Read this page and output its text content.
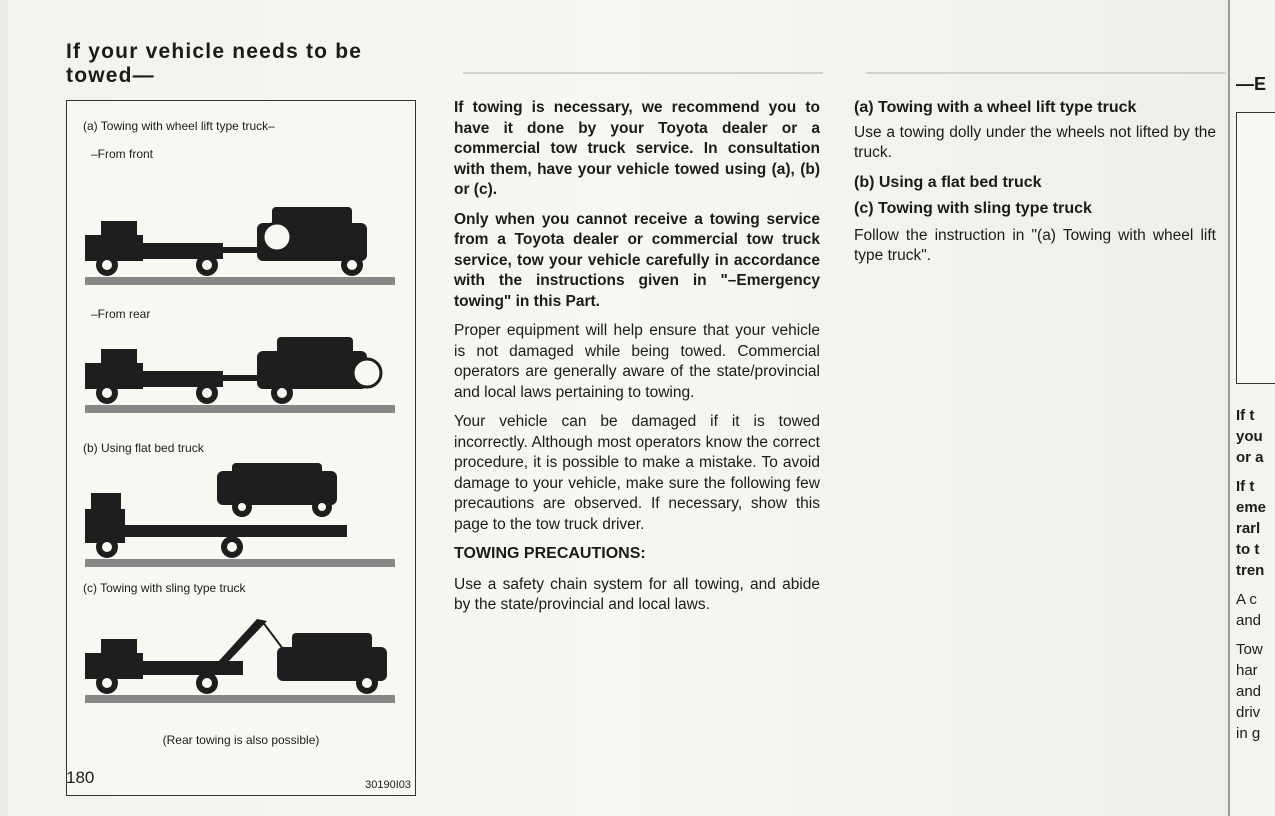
If your vehicle needs to be towed—
(a) Towing with wheel lift type truck–
–From front
–From rear
(b) Using flat bed truck
(c) Towing with sling type truck
(Rear towing is also possible)
30190I03
180

If towing is necessary, we recommend you to have it done by your Toyota dealer or a commercial tow truck service. In consultation with them, have your vehicle towed using (a), (b) or (c).

Only when you cannot receive a towing service from a Toyota dealer or commercial tow truck service, tow your vehicle carefully in accordance with the instructions given in "–Emergency towing" in this Part.

Proper equipment will help ensure that your vehicle is not damaged while being towed. Commercial operators are generally aware of the state/provincial and local laws pertaining to towing.

Your vehicle can be damaged if it is towed incorrectly. Although most operators know the correct procedure, it is possible to make a mistake. To avoid damage to your vehicle, make sure the following few precautions are observed. If necessary, show this page to the tow truck driver.

TOWING PRECAUTIONS:

Use a safety chain system for all towing, and abide by the state/provincial and local laws.

(a) Towing with a wheel lift type truck

Use a towing dolly under the wheels not lifted by the truck.

(b) Using a flat bed truck
(c) Towing with sling type truck

Follow the instruction in "(a) Towing with wheel lift type truck".

—E
If t
you
or a
If t
eme
rarl
to t
tren
A c
and
Tow
har
and
driv
in g
